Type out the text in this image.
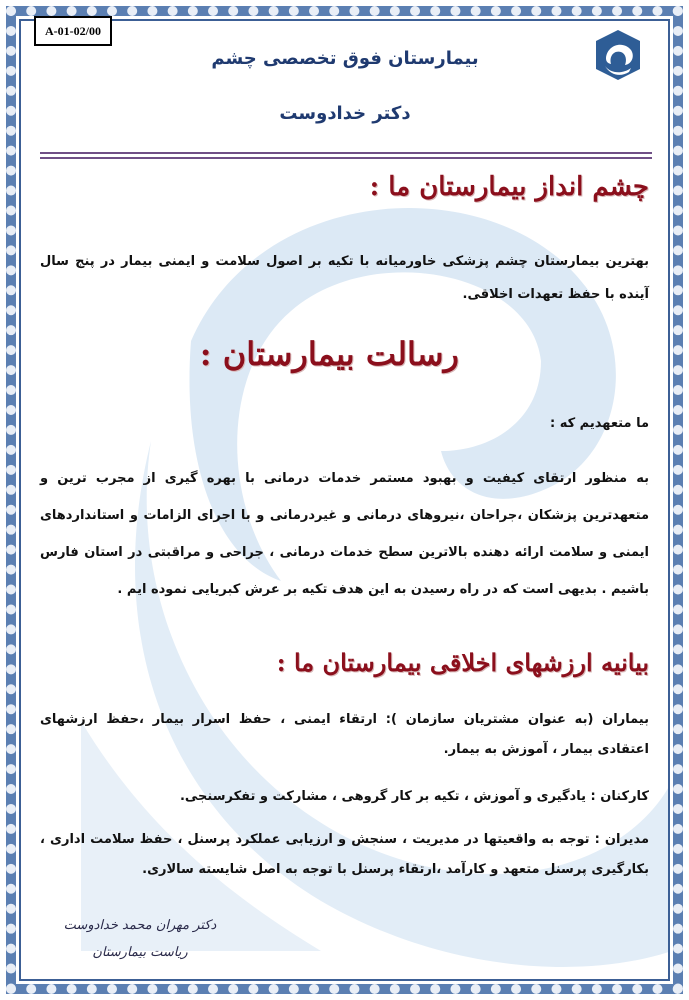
A-01-02/00
بیمارستان فوق تخصصی چشم
دکتر خدادوست
چشم انداز بیمارستان ما :
بهترین بیمارستان چشم پزشکی خاورمیانه با تکیه بر اصول سلامت و ایمنی بیمار در پنج سال آینده با حفظ تعهدات اخلاقی.
رسالت بیمارستان :
ما متعهدیم که :
به منظور ارتقای کیفیت و بهبود مستمر خدمات درمانی با بهره گیری از مجرب ترین و متعهدترین پزشکان ،جراحان ،نیروهای درمانی و غیردرمانی و با اجرای الزامات و استانداردهای ایمنی و سلامت ارائه دهنده بالاترین سطح خدمات درمانی ، جراحی و مراقبتی در استان فارس باشیم . بدیهی است که در راه رسیدن به این هدف تکیه بر عرش کبریایی نموده ایم .
بیانیه ارزشهای اخلاقی بیمارستان ما :
بیماران (به عنوان مشتریان سازمان ): ارتقاء ایمنی ، حفظ اسرار بیمار ،حفظ ارزشهای اعتقادی بیمار ، آموزش به بیمار.
کارکنان : یادگیری و آموزش ، تکیه بر کار گروهی ، مشارکت و تفکرسنجی.
مدیران : توجه به واقعیتها در مدیریت ، سنجش و ارزیابی عملکرد پرسنل ، حفظ سلامت اداری ، بکارگیری پرسنل متعهد و کارآمد ،ارتقاء پرسنل با توجه به اصل شایسته سالاری.
دکتر مهران محمد خدادوست
ریاست بیمارستان
